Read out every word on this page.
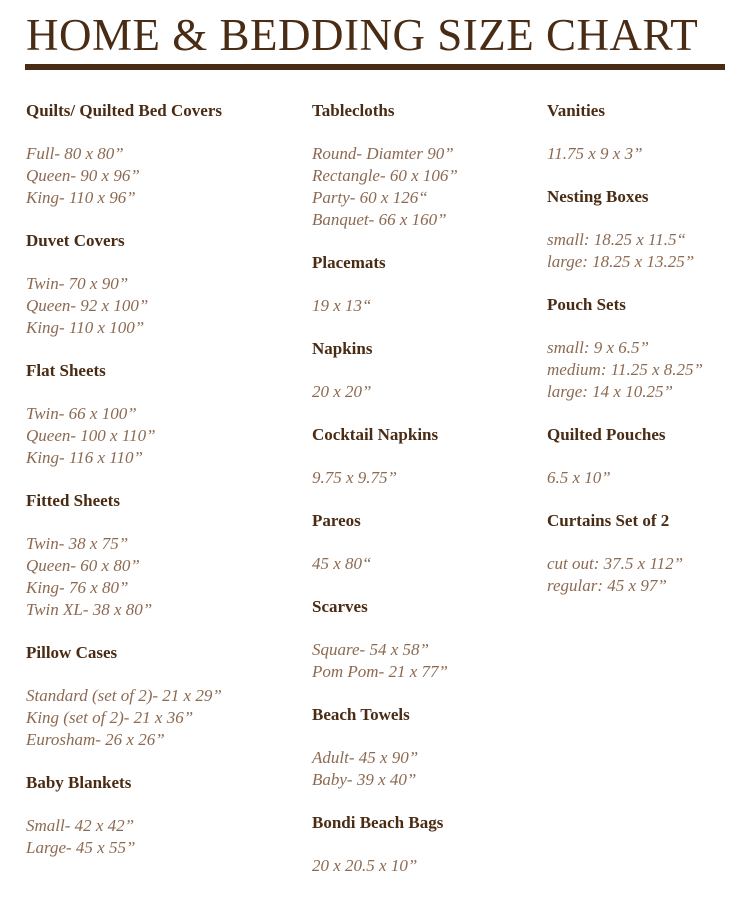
HOME & BEDDING SIZE CHART
Quilts/ Quilted Bed Covers
Full- 80 x 80”
Queen- 90 x 96”
King- 110 x 96”
Duvet Covers
Twin- 70 x 90”
Queen- 92 x 100”
King- 110 x 100”
Flat Sheets
Twin- 66 x 100”
Queen- 100 x 110”
King- 116 x 110”
Fitted Sheets
Twin- 38 x 75”
Queen- 60 x 80”
King- 76 x 80”
Twin XL- 38 x 80”
Pillow Cases
Standard (set of 2)- 21 x 29”
King (set of 2)- 21 x 36”
Eurosham- 26 x 26”
Baby Blankets
Small- 42 x 42”
Large- 45 x 55”
Tablecloths
Round- Diamter 90”
Rectangle- 60 x 106”
Party- 60 x 126“
Banquet- 66 x 160”
Placemats
19 x 13“
Napkins
20 x 20”
Cocktail Napkins
9.75 x 9.75”
Pareos
45 x 80“
Scarves
Square- 54 x 58”
Pom Pom- 21 x 77”
Beach Towels
Adult- 45 x 90”
Baby- 39 x 40”
Bondi Beach Bags
20 x 20.5 x 10”
Vanities
11.75 x 9 x 3”
Nesting Boxes
small: 18.25 x 11.5“
large: 18.25 x 13.25”
Pouch Sets
small: 9 x 6.5”
medium: 11.25 x 8.25”
large: 14 x 10.25”
Quilted Pouches
6.5 x 10”
Curtains Set of 2
cut out: 37.5 x 112”
regular: 45 x 97”
